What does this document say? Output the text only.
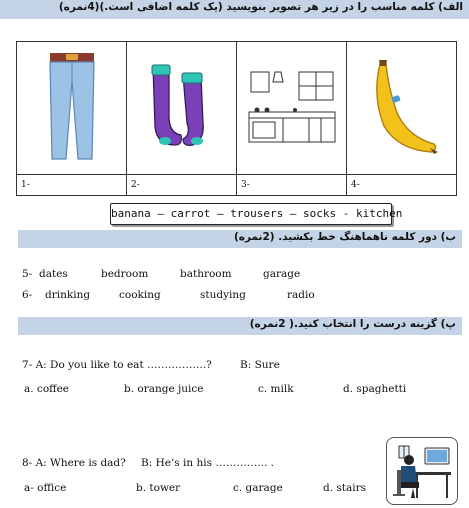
الف) کلمه مناسب را در زیر هر تصویر بنویسید (یک کلمه اضافی است.)(4نمره)

1-	2-	3-	4-
banana – carrot – trousers – socks - kitchen
ب) دور کلمه ناهماهنگ خط بکشید. (2نمره)
5- dates	bedroom	bathroom	garage
6- drinking	cooking	studying	radio
پ) گزینه درست را انتخاب کنید.( 2نمره)
7- A: Do you like to eat …….……….?	B: Sure
a. coffee	b. orange juice	c. milk	d. spaghetti
8- A: Where is dad? B: He’s in his …………... .
a- office	b. tower	c. garage	d. stairs
